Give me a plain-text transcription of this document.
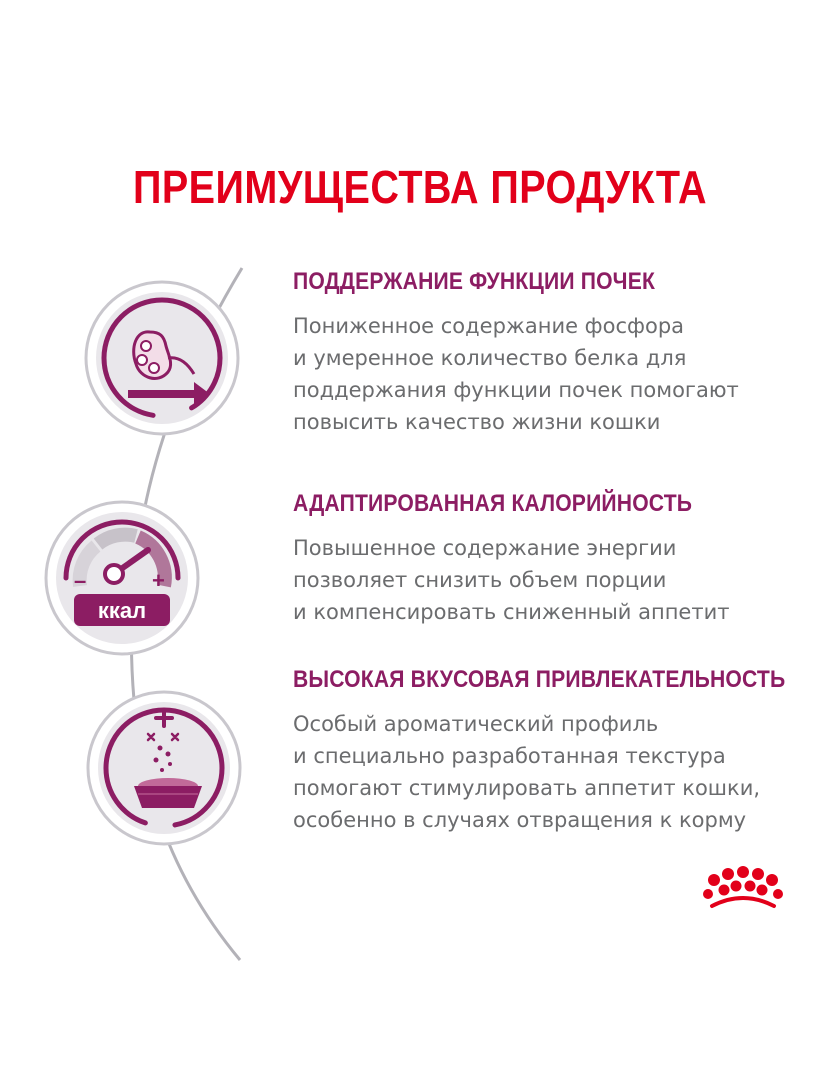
ПРЕИМУЩЕСТВА ПРОДУКТА
–	+
ккал
ПОДДЕРЖАНИЕ ФУНКЦИИ ПОЧЕК
Пониженное содержание фосфора
и умеренное количество белка для
поддержания функции почек помогают
повысить качество жизни кошки
АДАПТИРОВАННАЯ КАЛОРИЙНОСТЬ
Повышенное содержание энергии
позволяет снизить объем порции
и компенсировать сниженный аппетит
ВЫСОКАЯ ВКУСОВАЯ ПРИВЛЕКАТЕЛЬНОСТЬ
Особый ароматический профиль
и специально разработанная текстура
помогают стимулировать аппетит кошки,
особенно в случаях отвращения к корму
